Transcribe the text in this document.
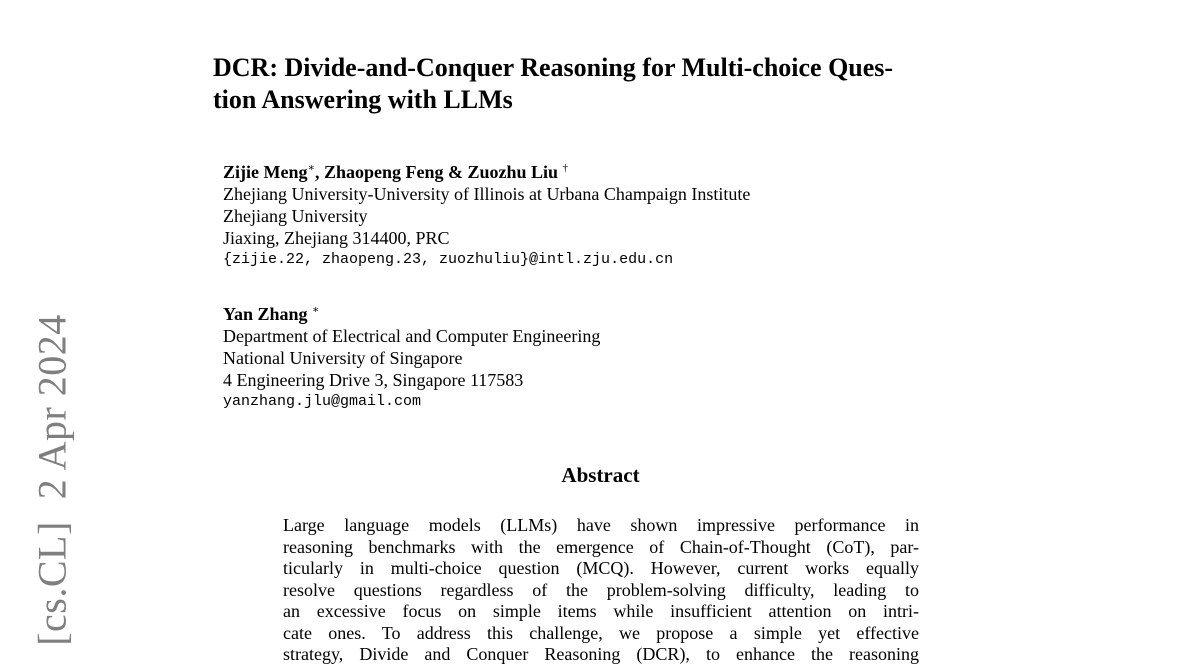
[cs.CL]2 Apr 2024
DCR: Divide-and-Conquer Reasoning for Multi-choice Ques-
tion Answering with LLMs
Zijie Meng∗, Zhaopeng Feng & Zuozhu Liu †
Zhejiang University-University of Illinois at Urbana Champaign Institute
Zhejiang University
Jiaxing, Zhejiang 314400, PRC
{zijie.22, zhaopeng.23, zuozhuliu}@intl.zju.edu.cn
Yan Zhang ∗
Department of Electrical and Computer Engineering
National University of Singapore
4 Engineering Drive 3, Singapore 117583
yanzhang.jlu@gmail.com
Abstract
Large language models (LLMs) have shown impressive performance in
reasoning benchmarks with the emergence of Chain-of-Thought (CoT), par-
ticularly in multi-choice question (MCQ). However, current works equally
resolve questions regardless of the problem-solving difficulty, leading to
an excessive focus on simple items while insufficient attention on intri-
cate ones. To address this challenge, we propose a simple yet effective
strategy, Divide and Conquer Reasoning (DCR), to enhance the reasoning
